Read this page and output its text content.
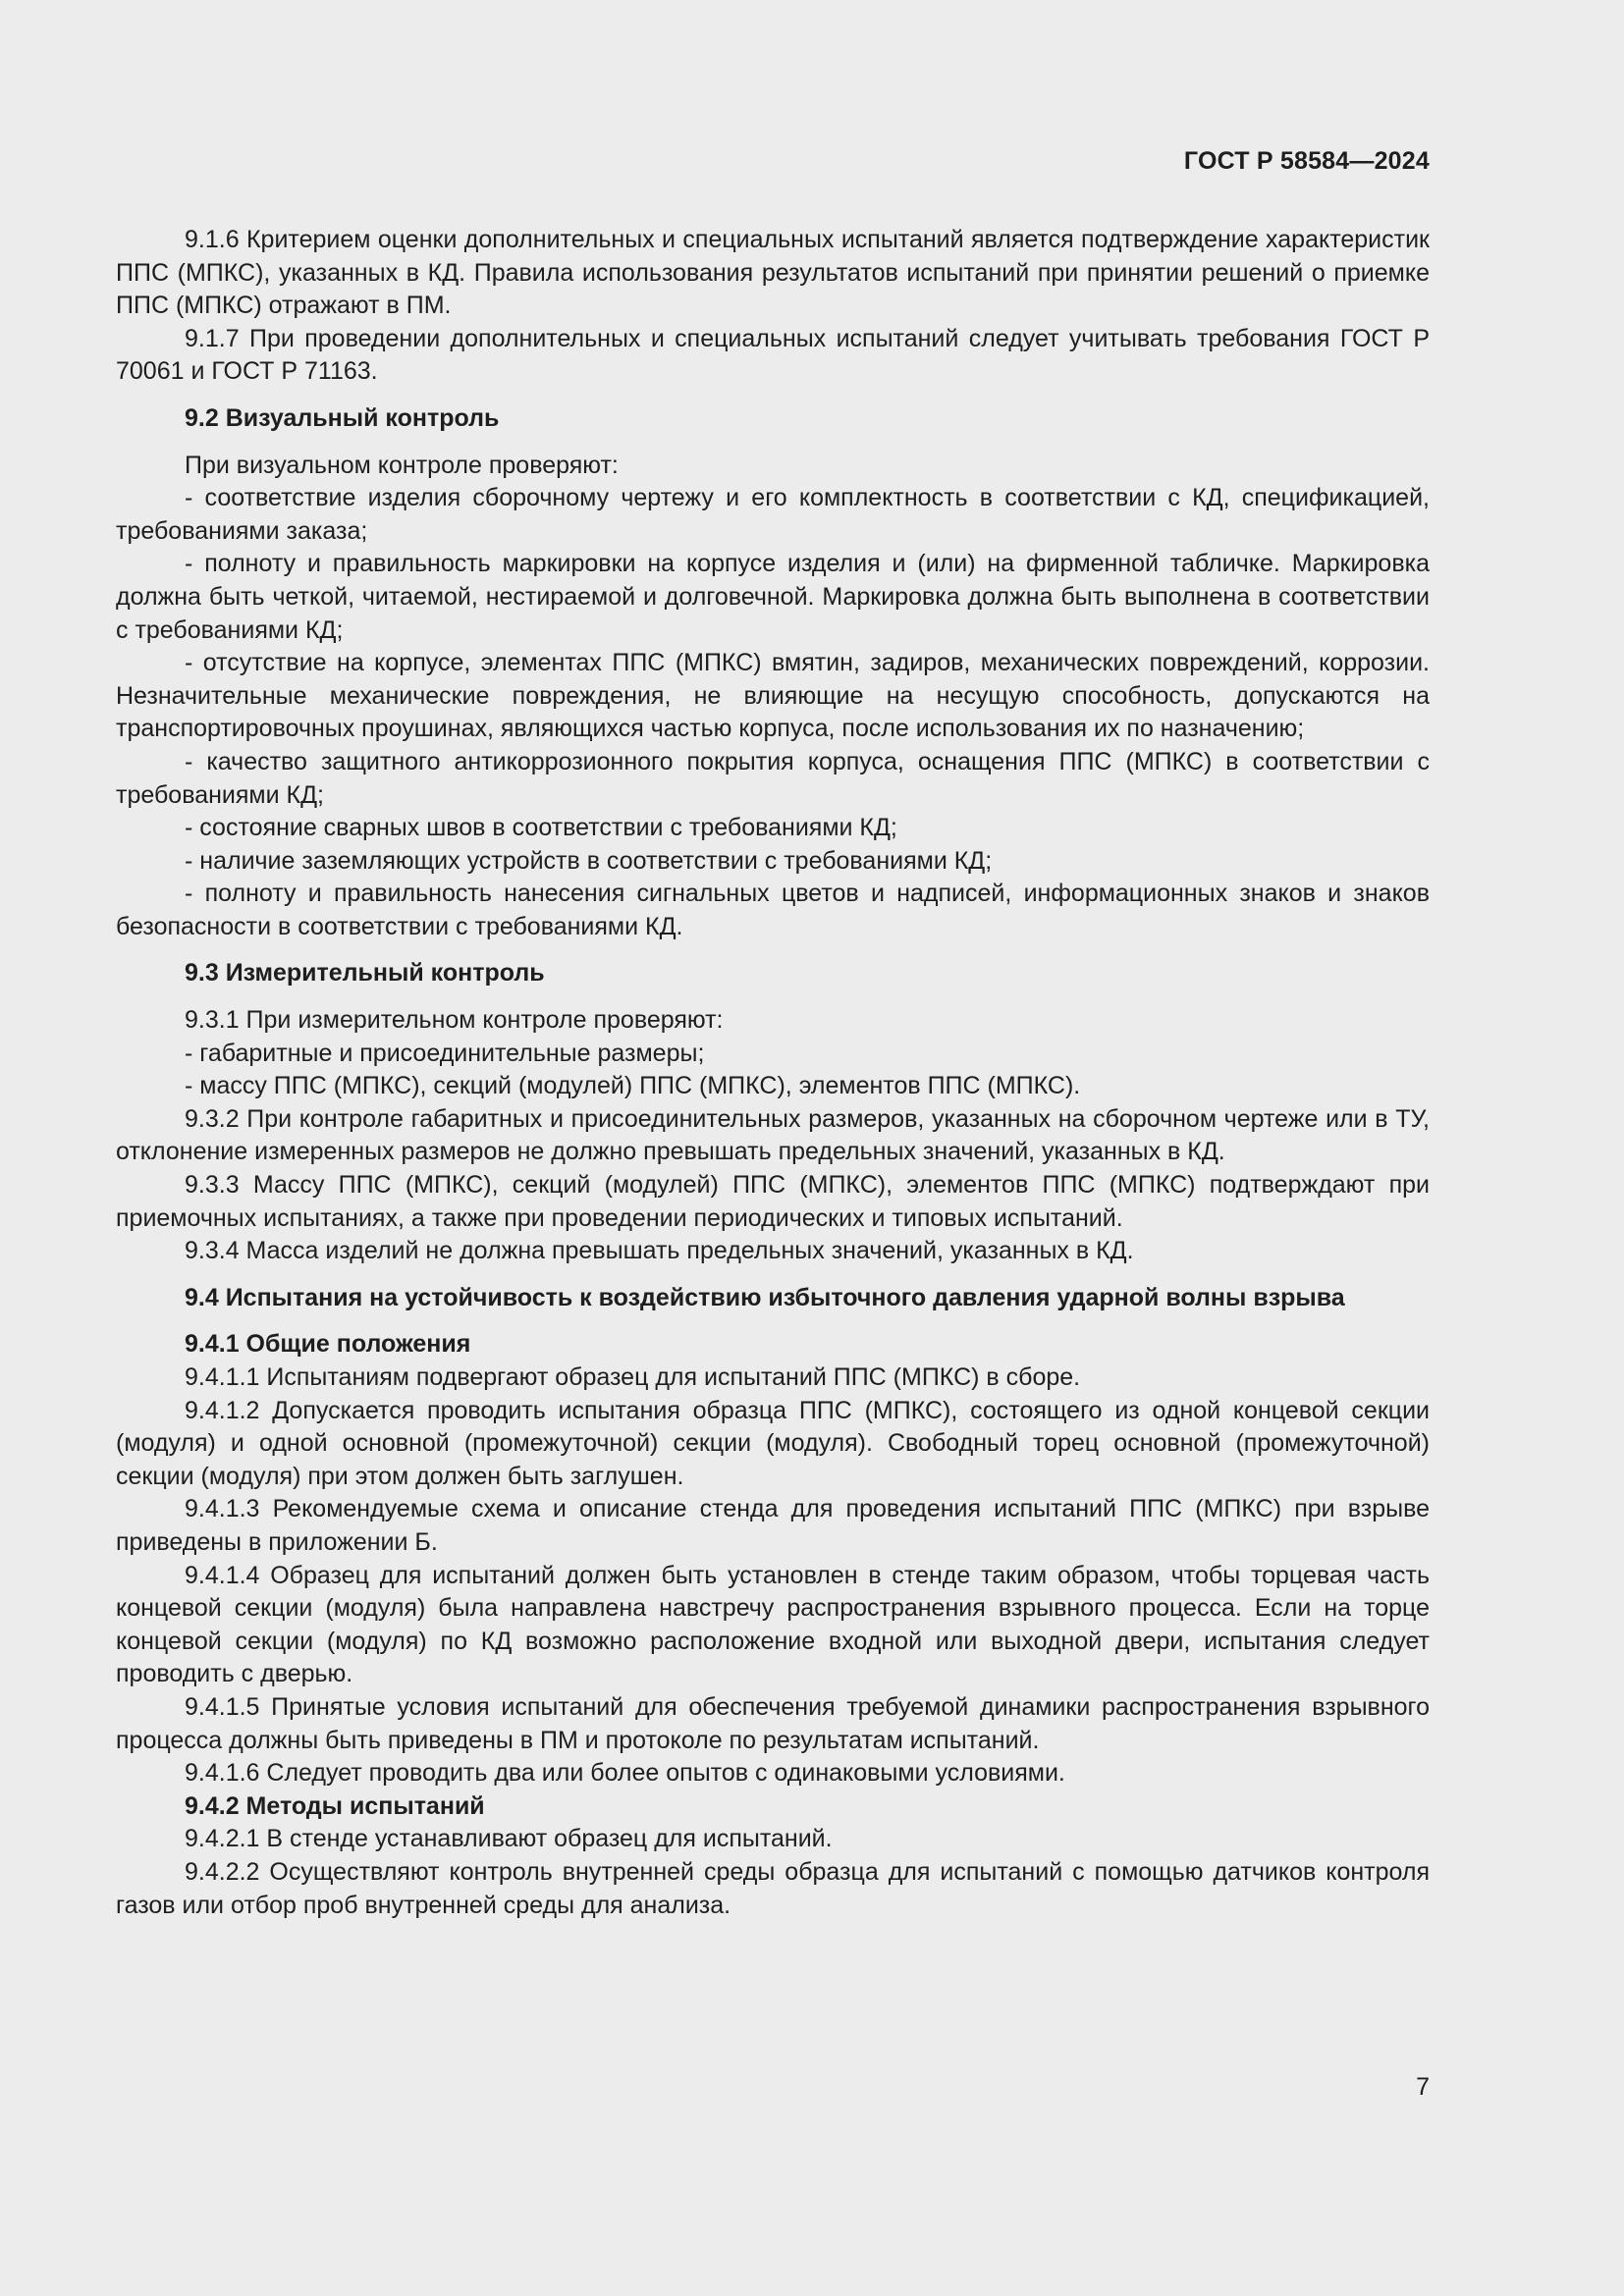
ГОСТ Р 58584—2024

9.1.6 Критерием оценки дополнительных и специальных испытаний является подтверждение характеристик ППС (МПКС), указанных в КД. Правила использования результатов испытаний при принятии решений о приемке ППС (МПКС) отражают в ПМ.

9.1.7 При проведении дополнительных и специальных испытаний следует учитывать требования ГОСТ Р 70061 и ГОСТ Р 71163.

9.2 Визуальный контроль

При визуальном контроле проверяют:

- соответствие изделия сборочному чертежу и его комплектность в соответствии с КД, спецификацией, требованиями заказа;

- полноту и правильность маркировки на корпусе изделия и (или) на фирменной табличке. Маркировка должна быть четкой, читаемой, нестираемой и долговечной. Маркировка должна быть выполнена в соответствии с требованиями КД;

- отсутствие на корпусе, элементах ППС (МПКС) вмятин, задиров, механических повреждений, коррозии. Незначительные механические повреждения, не влияющие на несущую способность, допускаются на транспортировочных проушинах, являющихся частью корпуса, после использования их по назначению;

- качество защитного антикоррозионного покрытия корпуса, оснащения ППС (МПКС) в соответствии с требованиями КД;

- состояние сварных швов в соответствии с требованиями КД;

- наличие заземляющих устройств в соответствии с требованиями КД;

- полноту и правильность нанесения сигнальных цветов и надписей, информационных знаков и знаков безопасности в соответствии с требованиями КД.

9.3 Измерительный контроль

9.3.1 При измерительном контроле проверяют:

- габаритные и присоединительные размеры;

- массу ППС (МПКС), секций (модулей) ППС (МПКС), элементов ППС (МПКС).

9.3.2 При контроле габаритных и присоединительных размеров, указанных на сборочном чертеже или в ТУ, отклонение измеренных размеров не должно превышать предельных значений, указанных в КД.

9.3.3 Массу ППС (МПКС), секций (модулей) ППС (МПКС), элементов ППС (МПКС) подтверждают при приемочных испытаниях, а также при проведении периодических и типовых испытаний.

9.3.4 Масса изделий не должна превышать предельных значений, указанных в КД.

9.4 Испытания на устойчивость к воздействию избыточного давления ударной волны взрыва

9.4.1 Общие положения

9.4.1.1 Испытаниям подвергают образец для испытаний ППС (МПКС) в сборе.

9.4.1.2 Допускается проводить испытания образца ППС (МПКС), состоящего из одной концевой секции (модуля) и одной основной (промежуточной) секции (модуля). Свободный торец основной (промежуточной) секции (модуля) при этом должен быть заглушен.

9.4.1.3 Рекомендуемые схема и описание стенда для проведения испытаний ППС (МПКС) при взрыве приведены в приложении Б.

9.4.1.4 Образец для испытаний должен быть установлен в стенде таким образом, чтобы торцевая часть концевой секции (модуля) была направлена навстречу распространения взрывного процесса. Если на торце концевой секции (модуля) по КД возможно расположение входной или выходной двери, испытания следует проводить с дверью.

9.4.1.5 Принятые условия испытаний для обеспечения требуемой динамики распространения взрывного процесса должны быть приведены в ПМ и протоколе по результатам испытаний.

9.4.1.6 Следует проводить два или более опытов с одинаковыми условиями.

9.4.2 Методы испытаний

9.4.2.1 В стенде устанавливают образец для испытаний.

9.4.2.2 Осуществляют контроль внутренней среды образца для испытаний с помощью датчиков контроля газов или отбор проб внутренней среды для анализа.

7
